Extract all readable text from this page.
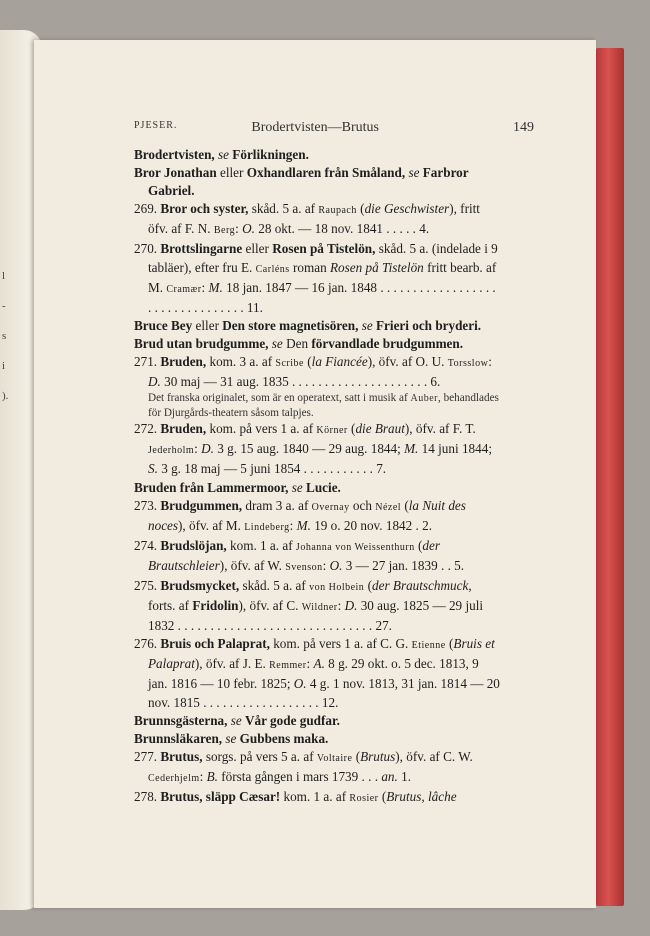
PJESER.	Brodertvisten—Brutus	149

Brodertvisten, se Förlikningen.

Bror Jonathan eller Oxhandlaren från Småland, se Farbror Gabriel.

269. Bror och syster, skåd. 5 a. af Raupach (die Geschwister), fritt öfv. af F. N. Berg: O. 28 okt. — 18 nov. 1841 . . . . . 4.

270. Brottslingarne eller Rosen på Tistelön, skåd. 5 a. (indelade i 9 tabläer), efter fru E. Carléns roman Rosen på Tistelön fritt bearb. af M. Cramær: M. 18 jan. 1847 — 16 jan. 1848 . . . . . . . . . . . . . . . . . . . . . . . . . . . . . . . . . 11.

Bruce Bey eller Den store magnetisören, se Frieri och bryderi.

Brud utan brudgumme, se Den förvandlade brudgummen.

271. Bruden, kom. 3 a. af Scribe (la Fiancée), öfv. af O. U. Torsslow: D. 30 maj — 31 aug. 1835 . . . . . . . . . . . . . . . . . . . . . 6.

Det franska originalet, som är en operatext, satt i musik af Auber, behandlades för Djurgårds-theatern såsom talpjes.

272. Bruden, kom. på vers 1 a. af Körner (die Braut), öfv. af F. T. Jederholm: D. 3 g. 15 aug. 1840 — 29 aug. 1844; M. 14 juni 1844; S. 3 g. 18 maj — 5 juni 1854 . . . . . . . . . . . 7.

Bruden från Lammermoor, se Lucie.

273. Brudgummen, dram 3 a. af Overnay och Nézel (la Nuit des noces), öfv. af M. Lindeberg: M. 19 o. 20 nov. 1842 . 2.

274. Brudslöjan, kom. 1 a. af Johanna von Weissenthurn (der Brautschleier), öfv. af W. Svenson: O. 3 — 27 jan. 1839 . . 5.

275. Brudsmycket, skåd. 5 a. af von Holbein (der Brautschmuck, forts. af Fridolin), öfv. af C. Wildner: D. 30 aug. 1825 — 29 juli 1832 . . . . . . . . . . . . . . . . . . . . . . . . . . . . . . 27.

276. Bruis och Palaprat, kom. på vers 1 a. af C. G. Etienne (Bruis et Palaprat), öfv. af J. E. Remmer: A. 8 g. 29 okt. o. 5 dec. 1813, 9 jan. 1816 — 10 febr. 1825; O. 4 g. 1 nov. 1813, 31 jan. 1814 — 20 nov. 1815 . . . . . . . . . . . . . . . . . . 12.

Brunnsgästerna, se Vår gode gudfar.

Brunnsläkaren, se Gubbens maka.

277. Brutus, sorgs. på vers 5 a. af Voltaire (Brutus), öfv. af C. W. Cederhjelm: B. första gången i mars 1739 . . . an. 1.

278. Brutus, släpp Cæsar! kom. 1 a. af Rosier (Brutus, lâche

l
-
s
i
).
